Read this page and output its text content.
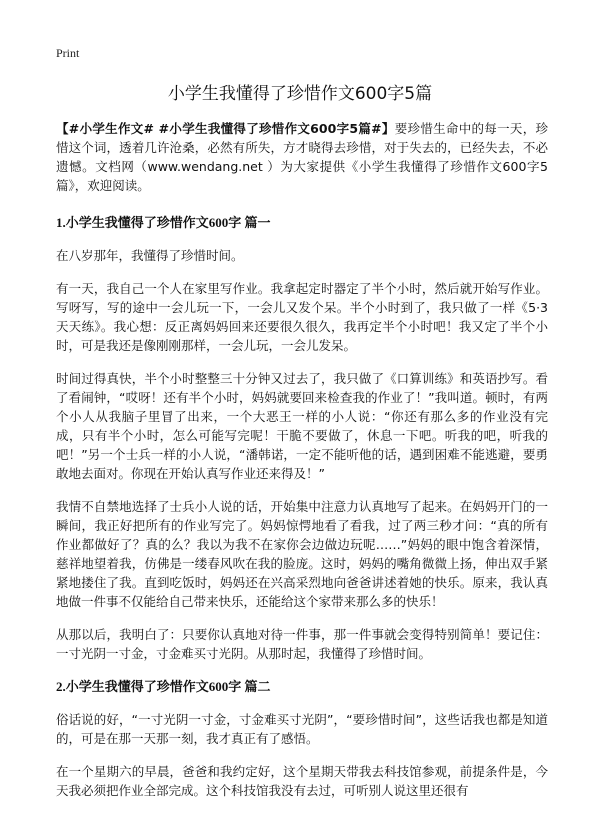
Print
小学生我懂得了珍惜作文600字5篇

【#小学生作文# #小学生我懂得了珍惜作文600字5篇#】要珍惜生命中的每一天，珍惜这个词，透着几许沧桑，必然有所失，方才晓得去珍惜，对于失去的，已经失去，不必遗憾。文档网（www.wendang.net ）为大家提供《小学生我懂得了珍惜作文600字5篇》，欢迎阅读。

1.小学生我懂得了珍惜作文600字 篇一

在八岁那年，我懂得了珍惜时间。

有一天，我自己一个人在家里写作业。我拿起定时器定了半个小时，然后就开始写作业。写呀写，写的途中一会儿玩一下，一会儿又发个呆。半个小时到了，我只做了一样《5·3天天练》。我心想：反正离妈妈回来还要很久很久，我再定半个小时吧！我又定了半个小时，可是我还是像刚刚那样，一会儿玩，一会儿发呆。

时间过得真快，半个小时整整三十分钟又过去了，我只做了《口算训练》和英语抄写。看了看闹钟，“哎呀！还有半个小时，妈妈就要回来检查我的作业了！”我叫道。顿时，有两个小人从我脑子里冒了出来，一个大恶王一样的小人说：“你还有那么多的作业没有完成，只有半个小时，怎么可能写完呢！干脆不要做了，休息一下吧。听我的吧，听我的吧！”另一个士兵一样的小人说，“潘韩诺，一定不能听他的话，遇到困难不能逃避，要勇敢地去面对。你现在开始认真写作业还来得及！”

我情不自禁地选择了士兵小人说的话，开始集中注意力认真地写了起来。在妈妈开门的一瞬间，我正好把所有的作业写完了。妈妈惊愕地看了看我，过了两三秒才问：“真的所有作业都做好了？真的么？我以为我不在家你会边做边玩呢……”妈妈的眼中饱含着深情，慈祥地望着我，仿佛是一缕春风吹在我的脸庞。这时，妈妈的嘴角微微上扬，伸出双手紧紧地搂住了我。直到吃饭时，妈妈还在兴高采烈地向爸爸讲述着她的快乐。原来，我认真地做一件事不仅能给自己带来快乐，还能给这个家带来那么多的快乐！

从那以后，我明白了：只要你认真地对待一件事，那一件事就会变得特别简单！要记住：一寸光阴一寸金，寸金难买寸光阴。从那时起，我懂得了珍惜时间。

2.小学生我懂得了珍惜作文600字 篇二

俗话说的好，“一寸光阴一寸金，寸金难买寸光阴”，“要珍惜时间”，这些话我也都是知道的，可是在那一天那一刻，我才真正有了感悟。

在一个星期六的早晨，爸爸和我约定好，这个星期天带我去科技馆参观，前提条件是，今天我必须把作业全部完成。这个科技馆我没有去过，可听别人说这里还很有
